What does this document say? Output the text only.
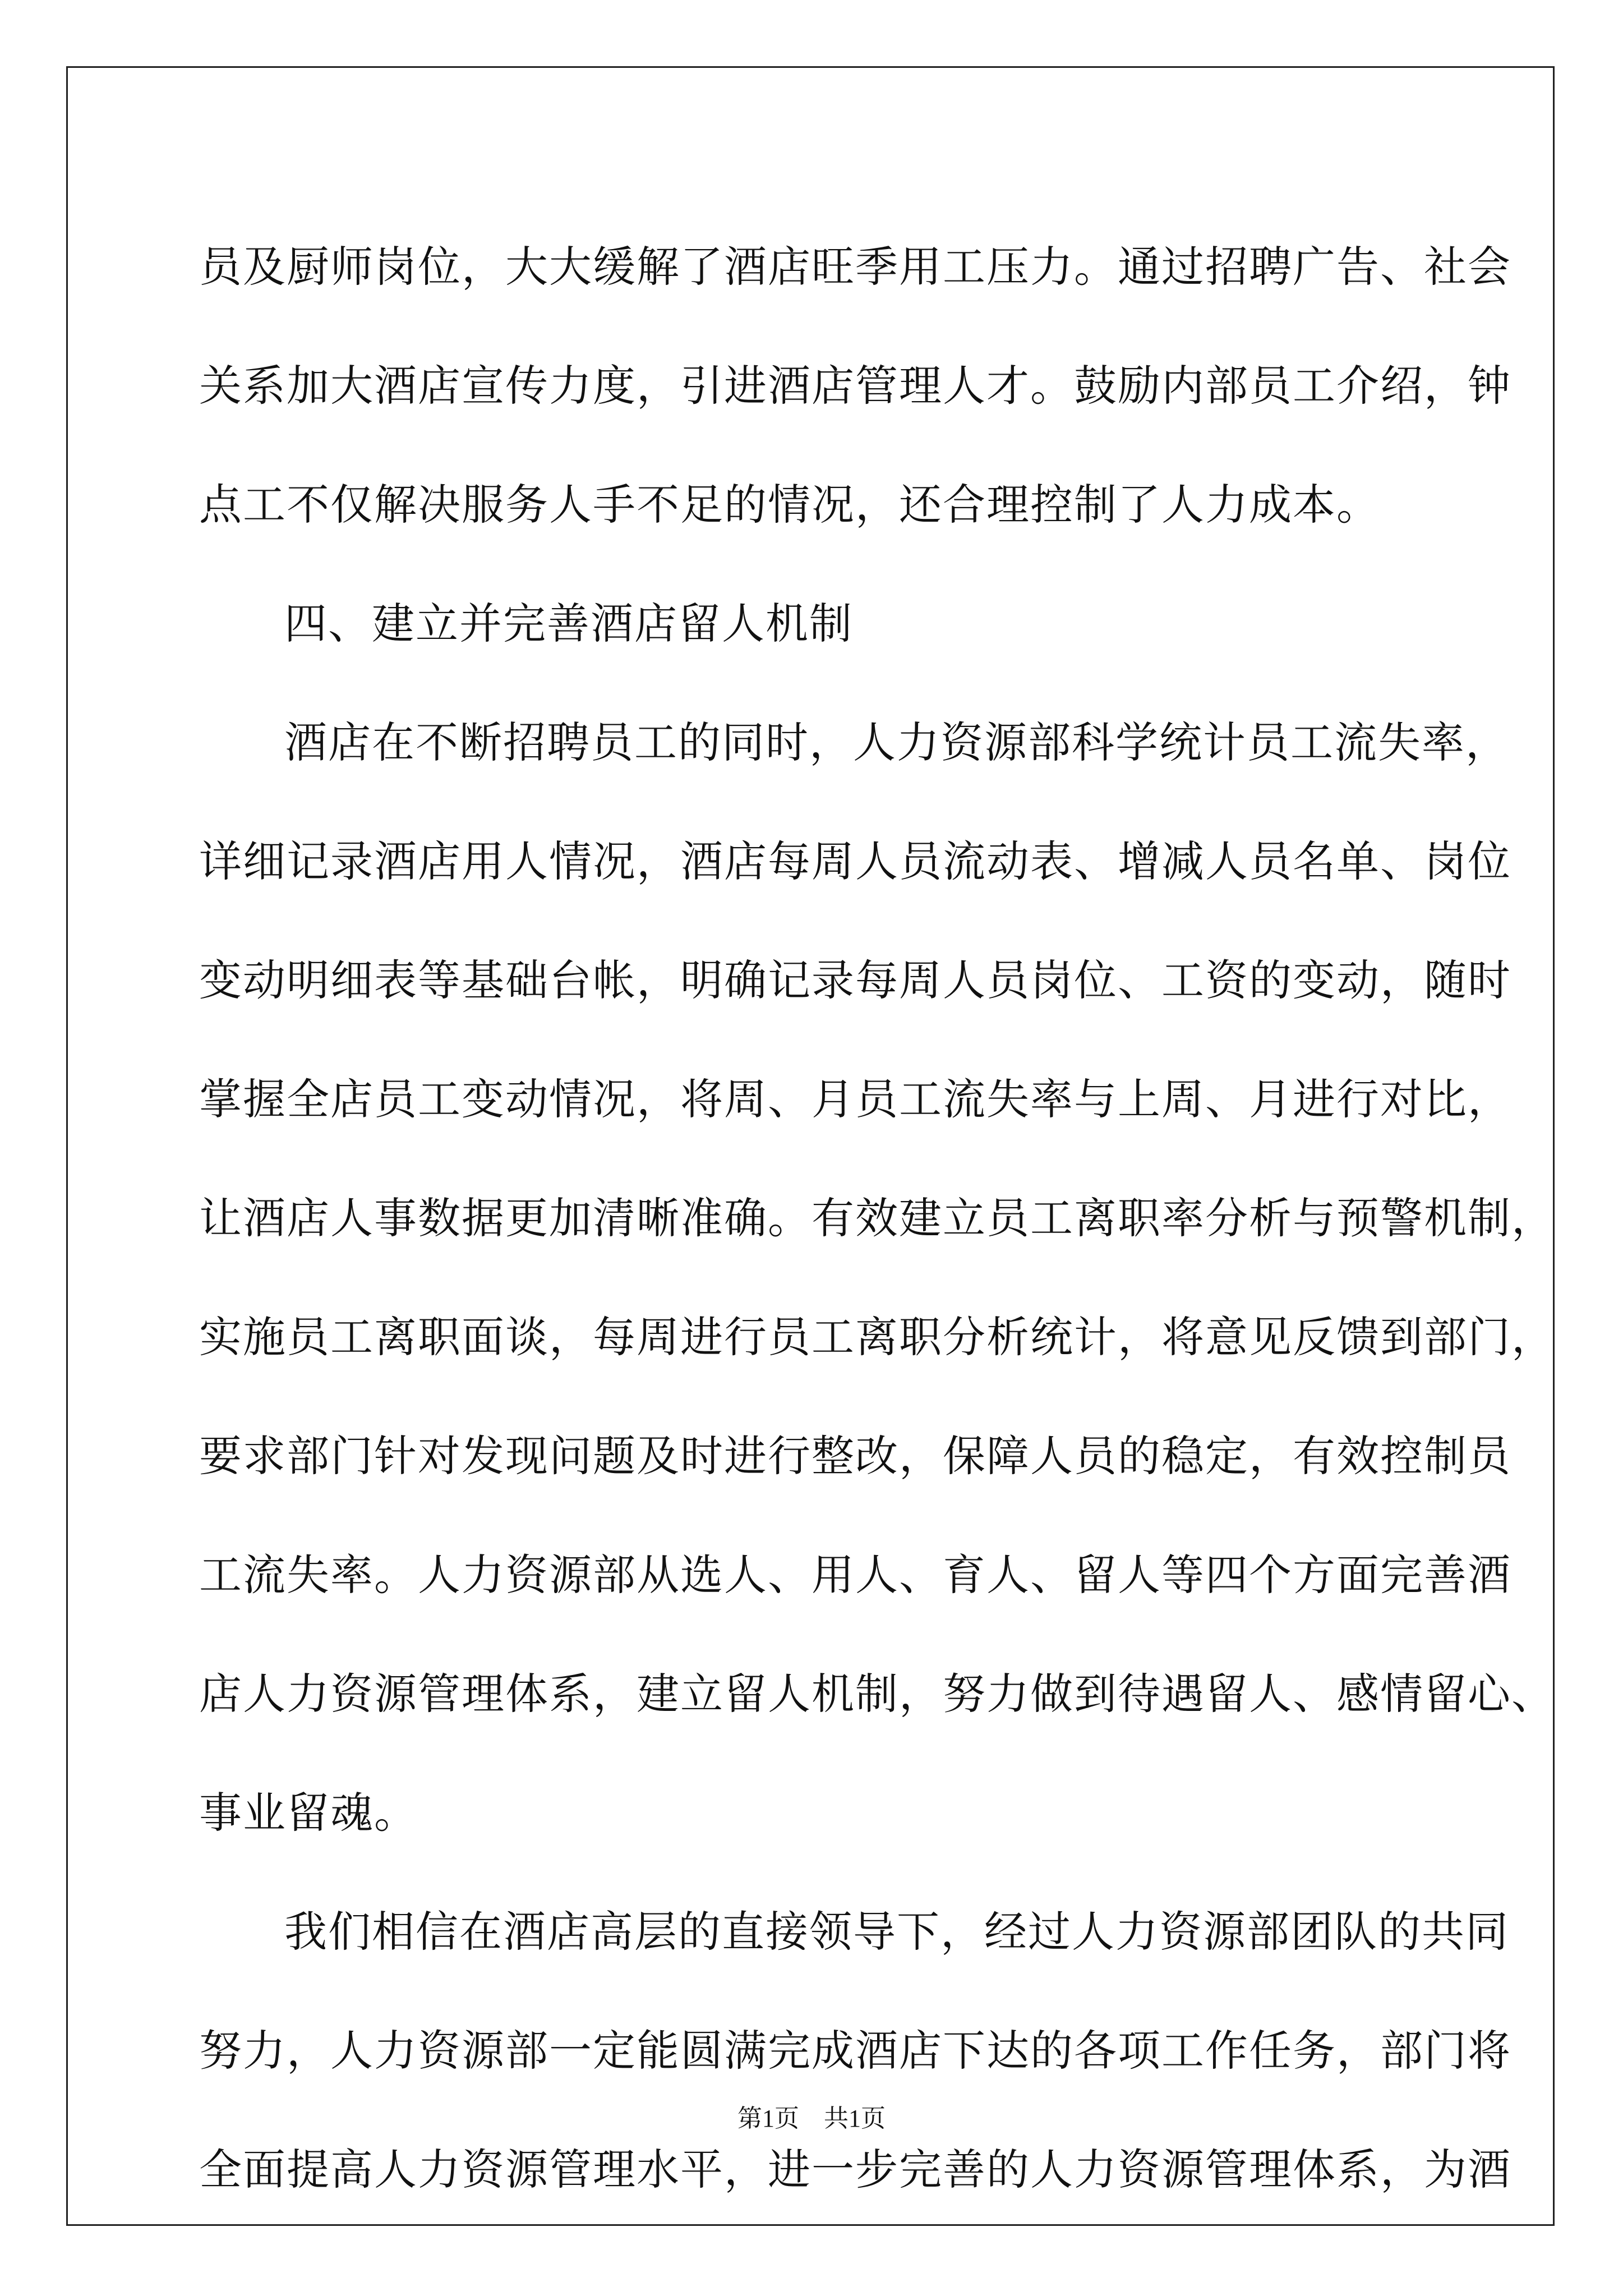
员及厨师岗位，大大缓解了酒店旺季用工压力。通过招聘广告、社会
关系加大酒店宣传力度，引进酒店管理人才。鼓励内部员工介绍，钟
点工不仅解决服务人手不足的情况，还合理控制了人力成本。
四、建立并完善酒店留人机制
酒店在不断招聘员工的同时，人力资源部科学统计员工流失率，
详细记录酒店用人情况，酒店每周人员流动表、增减人员名单、岗位
变动明细表等基础台帐，明确记录每周人员岗位、工资的变动，随时
掌握全店员工变动情况，将周、月员工流失率与上周、月进行对比，
让酒店人事数据更加清晰准确。有效建立员工离职率分析与预警机制，
实施员工离职面谈，每周进行员工离职分析统计，将意见反馈到部门，
要求部门针对发现问题及时进行整改，保障人员的稳定，有效控制员
工流失率。人力资源部从选人、用人、育人、留人等四个方面完善酒
店人力资源管理体系，建立留人机制，努力做到待遇留人、感情留心、
事业留魂。
我们相信在酒店高层的直接领导下，经过人力资源部团队的共同
努力，人力资源部一定能圆满完成酒店下达的各项工作任务，部门将
全面提高人力资源管理水平，进一步完善的人力资源管理体系，为酒
第1页　共1页
